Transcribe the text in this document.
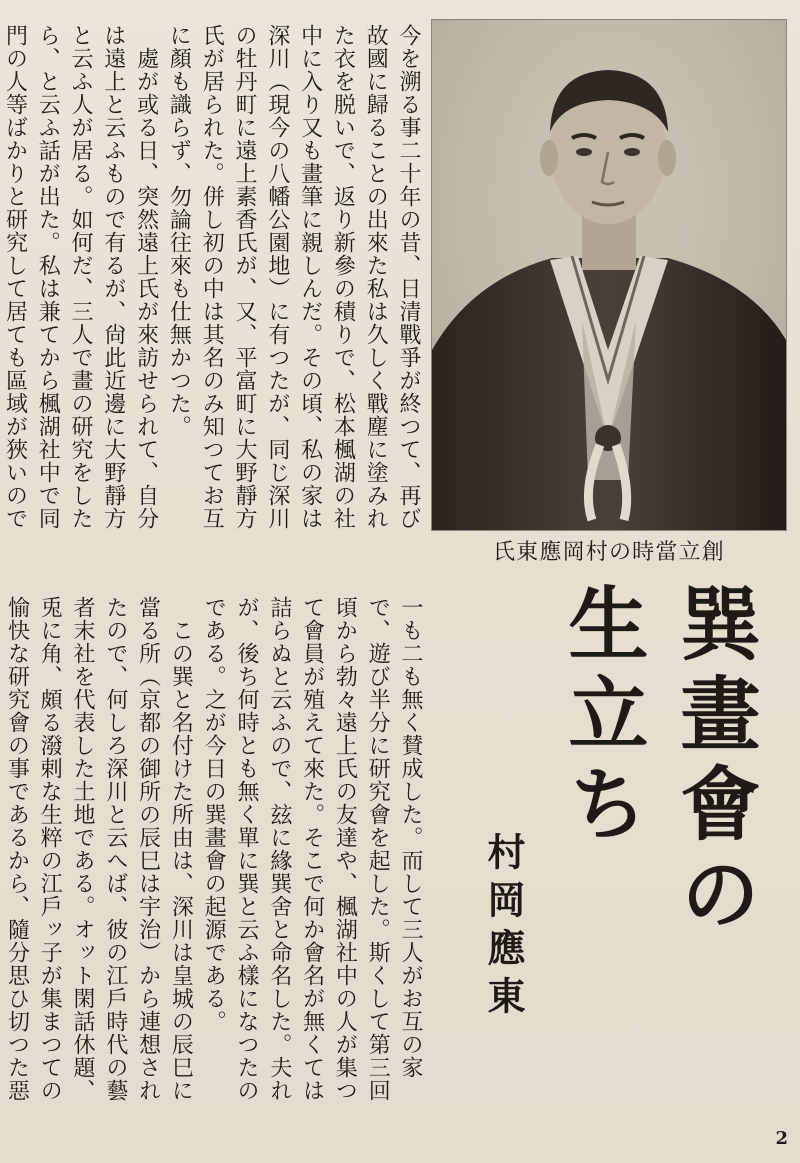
今を溯る事二十年の昔、日清戰爭が終つて、再び故國に歸ることの出來た私は久しく戰塵に塗みれた衣を脱いで、返り新參の積りで、松本楓湖の社中に入り又も畫筆に親しんだ。その頃、私の家は深川（現今の八幡公園地）に有つたが、同じ深川の牡丹町に遠上素香氏が、又、平富町に大野靜方氏が居られた。併し初の中は其名のみ知つてお互に顏も識らず、勿論往來も仕無かつた。
　處が或る日、突然遠上氏が來訪せられて、自分は遠上と云ふもので有るが、尙此近邊に大野靜方と云ふ人が居る。如何だ、三人で畫の研究をしたら、と云ふ話が出た。私は兼てから楓湖社中で同門の人等ばかりと研究して居ても區域が狹いので
氏東應岡村の時當立創
一も二も無く賛成した。而して三人がお互の家で、遊び半分に研究會を起した。斯くして第三回頃から勃々遠上氏の友達や、楓湖社中の人が集つて會員が殖えて來た。そこで何か會名が無くては詰らぬと云ふので、玆に緣巽舍と命名した。夫れが、後ち何時とも無く單に巽と云ふ樣になつたのである。之が今日の巽畫會の起源である。
　この巽と名付けた所由は、深川は皇城の辰巳に當る所（京都の御所の辰巳は宇治）から連想されたので、何しろ深川と云へば、彼の江戶時代の藝者末社を代表した土地である。オット閑話休題、兎に角、頗る潑剌な生粹の江戶ッ子が集まつての愉快な研究會の事であるから、隨分思ひ切つた惡
巽畫會の
生立ち
村岡應東
2
